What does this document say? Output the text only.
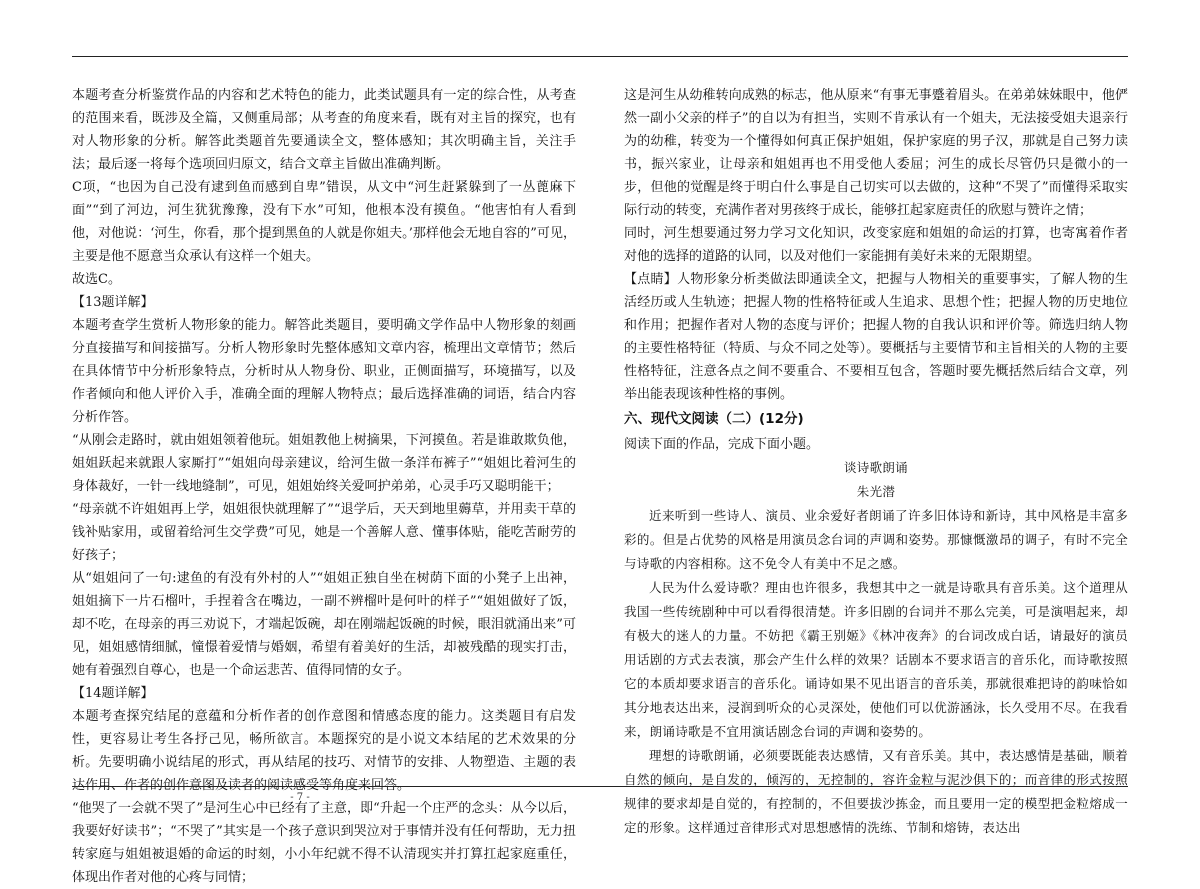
本题考查分析鉴赏作品的内容和艺术特色的能力，此类试题具有一定的综合性，从考查的范围来看，既涉及全篇，又侧重局部；从考查的角度来看，既有对主旨的探究，也有对人物形象的分析。解答此类题首先要通读全文，整体感知；其次明确主旨，关注手法；最后逐一将每个选项回归原文，结合文章主旨做出准确判断。

C项，“也因为自己没有逮到鱼而感到自卑”错误，从文中“河生赶紧躲到了一丛蓖麻下面”“到了河边，河生犹犹豫豫，没有下水”可知，他根本没有摸鱼。“他害怕有人看到他，对他说：‘河生，你看，那个提到黑鱼的人就是你姐夫。’那样他会无地自容的”可见，主要是他不愿意当众承认有这样一个姐夫。

故选C。

【13题详解】

本题考查学生赏析人物形象的能力。解答此类题目，要明确文学作品中人物形象的刻画分直接描写和间接描写。分析人物形象时先整体感知文章内容，梳理出文章情节；然后在具体情节中分析形象特点，分析时从人物身份、职业，正侧面描写，环境描写，以及作者倾向和他人评价入手，准确全面的理解人物特点；最后选择准确的词语，结合内容分析作答。

“从刚会走路时，就由姐姐领着他玩。姐姐教他上树摘果，下河摸鱼。若是谁敢欺负他，姐姐跃起来就跟人家厮打”“姐姐向母亲建议，给河生做一条洋布裤子”“姐姐比着河生的身体裁好，一针一线地缝制”，可见，姐姐始终关爱呵护弟弟，心灵手巧又聪明能干；

“母亲就不许姐姐再上学，姐姐很快就理解了”“退学后，天天到地里薅草，并用卖干草的钱补贴家用，或留着给河生交学费”可见，她是一个善解人意、懂事体贴，能吃苦耐劳的好孩子；

从“姐姐问了一句:逮鱼的有没有外村的人”“姐姐正独自坐在树荫下面的小凳子上出神，姐姐摘下一片石榴叶，手捏着含在嘴边，一副不辨榴叶是何叶的样子”“姐姐做好了饭，却不吃，在母亲的再三劝说下，才端起饭碗，却在刚端起饭碗的时候，眼泪就涌出来”可见，姐姐感情细腻，憧憬着爱情与婚姻，希望有着美好的生活，却被残酷的现实打击，她有着强烈自尊心，也是一个命运悲苦、值得同情的女子。

【14题详解】

本题考查探究结尾的意蕴和分析作者的创作意图和情感态度的能力。这类题目有启发性，更容易让考生各抒己见，畅所欲言。本题探究的是小说文本结尾的艺术效果的分析。先要明确小说结尾的形式，再从结尾的技巧、对情节的安排、人物塑造、主题的表达作用、作者的创作意图及读者的阅读感受等角度来回答。

“他哭了一会就不哭了”是河生心中已经有了主意，即“升起一个庄严的念头：从今以后，我要好好读书”；“不哭了”其实是一个孩子意识到哭泣对于事情并没有任何帮助，无力扭转家庭与姐姐被退婚的命运的时刻，小小年纪就不得不认清现实并打算扛起家庭重任，体现出作者对他的心疼与同情；

这是河生从幼稚转向成熟的标志，他从原来“有事无事蹙着眉头。在弟弟妹妹眼中，他俨然一副小父亲的样子”的自以为有担当，实则不肯承认有一个姐夫，无法接受姐夫退亲行为的幼稚，转变为一个懂得如何真正保护姐姐，保护家庭的男子汉，那就是自己努力读书，振兴家业，让母亲和姐姐再也不用受他人委屈；河生的成长尽管仍只是微小的一步，但他的觉醒是终于明白什么事是自己切实可以去做的，这种“不哭了”而懂得采取实际行动的转变，充满作者对男孩终于成长，能够扛起家庭责任的欣慰与赞许之情；

同时，河生想要通过努力学习文化知识，改变家庭和姐姐的命运的打算，也寄寓着作者对他的选择的道路的认同，以及对他们一家能拥有美好未来的无限期望。

【点睛】人物形象分析类做法即通读全文，把握与人物相关的重要事实，了解人物的生活经历或人生轨迹；把握人物的性格特征或人生追求、思想个性；把握人物的历史地位和作用；把握作者对人物的态度与评价；把握人物的自我认识和评价等。筛选归纳人物的主要性格特征（特质、与众不同之处等）。要概括与主要情节和主旨相关的人物的主要性格特征，注意各点之间不要重合、不要相互包含，答题时要先概括然后结合文章，列举出能表现该种性格的事例。

六、现代文阅读（二）(12分)

阅读下面的作品，完成下面小题。

谈诗歌朗诵

朱光潜

近来听到一些诗人、演员、业余爱好者朗诵了许多旧体诗和新诗，其中风格是丰富多彩的。但是占优势的风格是用演员念台词的声调和姿势。那慷慨激昂的调子，有时不完全与诗歌的内容相称。这不免令人有美中不足之感。

人民为什么爱诗歌？理由也许很多，我想其中之一就是诗歌具有音乐美。这个道理从我国一些传统剧种中可以看得很清楚。许多旧剧的台词并不那么完美，可是演唱起来，却有极大的迷人的力量。不妨把《霸王别姬》《林冲夜奔》的台词改成白话，请最好的演员用话剧的方式去表演，那会产生什么样的效果？话剧本不要求语言的音乐化，而诗歌按照它的本质却要求语言的音乐化。诵诗如果不见出语言的音乐美，那就很难把诗的韵味恰如其分地表达出来，浸润到听众的心灵深处，使他们可以优游涵泳，长久受用不尽。在我看来，朗诵诗歌是不宜用演话剧念台词的声调和姿势的。

理想的诗歌朗诵，必须要既能表达感情，又有音乐美。其中，表达感情是基础，顺着自然的倾向，是自发的，倾泻的，无控制的，容许金粒与泥沙俱下的；而音律的形式按照规律的要求却是自觉的，有控制的，不但要拔沙拣金，而且要用一定的模型把金粒熔成一定的形象。这样通过音律形式对思想感情的洗练、节制和熔铸，表达出

- 7 -
